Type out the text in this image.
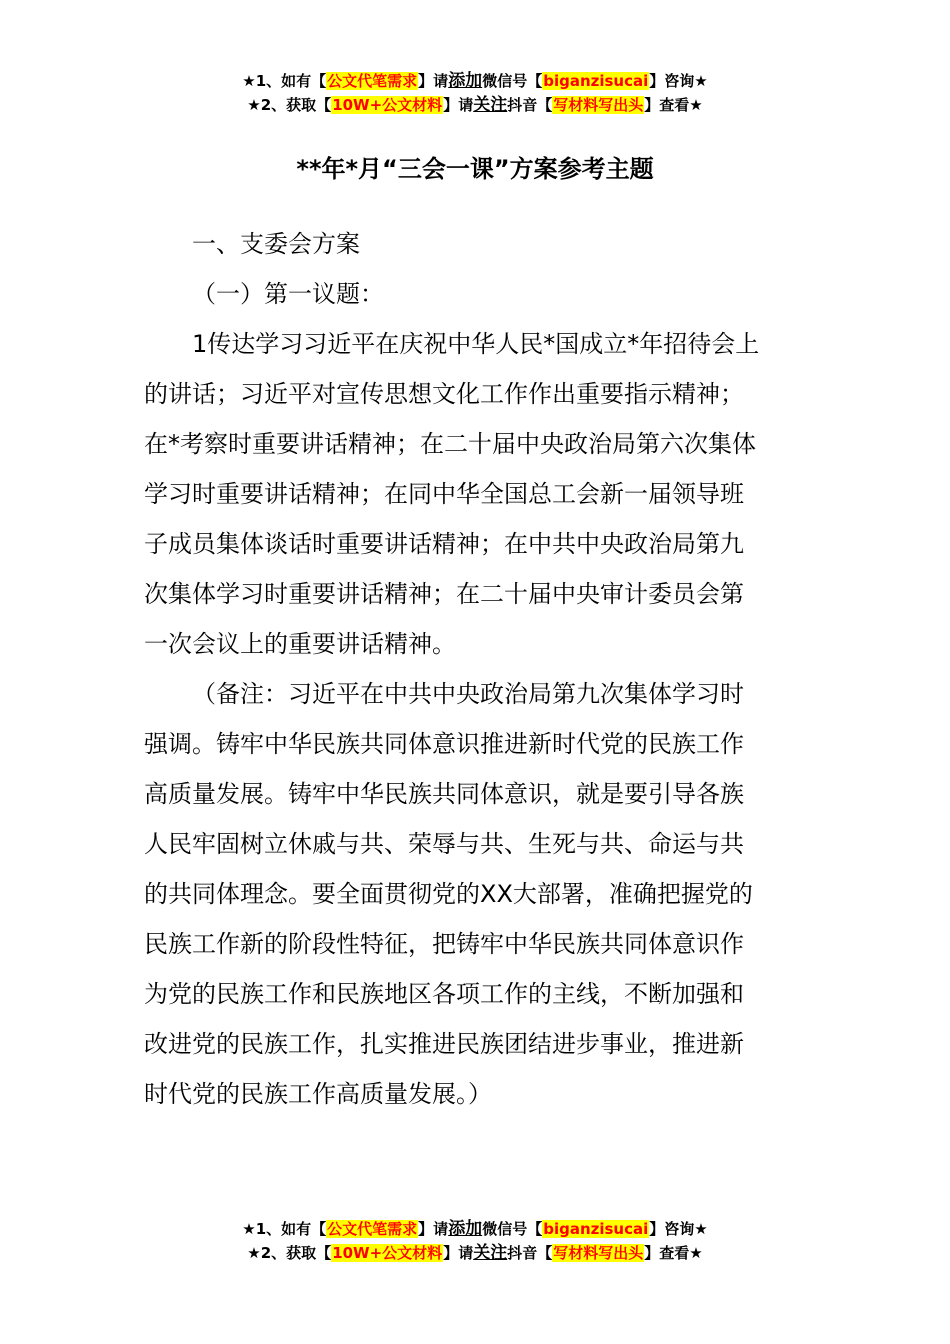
★1、如有【公文代笔需求】请添加微信号【biganzisucai】咨询★
★2、获取【10W+公文材料】请关注抖音【写材料写出头】查看★
**年*月“三会一课”方案参考主题
一、支委会方案
（一）第一议题：
1传达学习习近平在庆祝中华人民*国成立*年招待会上
的讲话；习近平对宣传思想文化工作作出重要指示精神；
在*考察时重要讲话精神；在二十届中央政治局第六次集体
学习时重要讲话精神；在同中华全国总工会新一届领导班
子成员集体谈话时重要讲话精神；在中共中央政治局第九
次集体学习时重要讲话精神；在二十届中央审计委员会第
一次会议上的重要讲话精神。
（备注：习近平在中共中央政治局第九次集体学习时
强调。铸牢中华民族共同体意识推进新时代党的民族工作
高质量发展。铸牢中华民族共同体意识，就是要引导各族
人民牢固树立休戚与共、荣辱与共、生死与共、命运与共
的共同体理念。要全面贯彻党的XX大部署，准确把握党的
民族工作新的阶段性特征，把铸牢中华民族共同体意识作
为党的民族工作和民族地区各项工作的主线，不断加强和
改进党的民族工作，扎实推进民族团结进步事业，推进新
时代党的民族工作高质量发展。）
★1、如有【公文代笔需求】请添加微信号【biganzisucai】咨询★
★2、获取【10W+公文材料】请关注抖音【写材料写出头】查看★
